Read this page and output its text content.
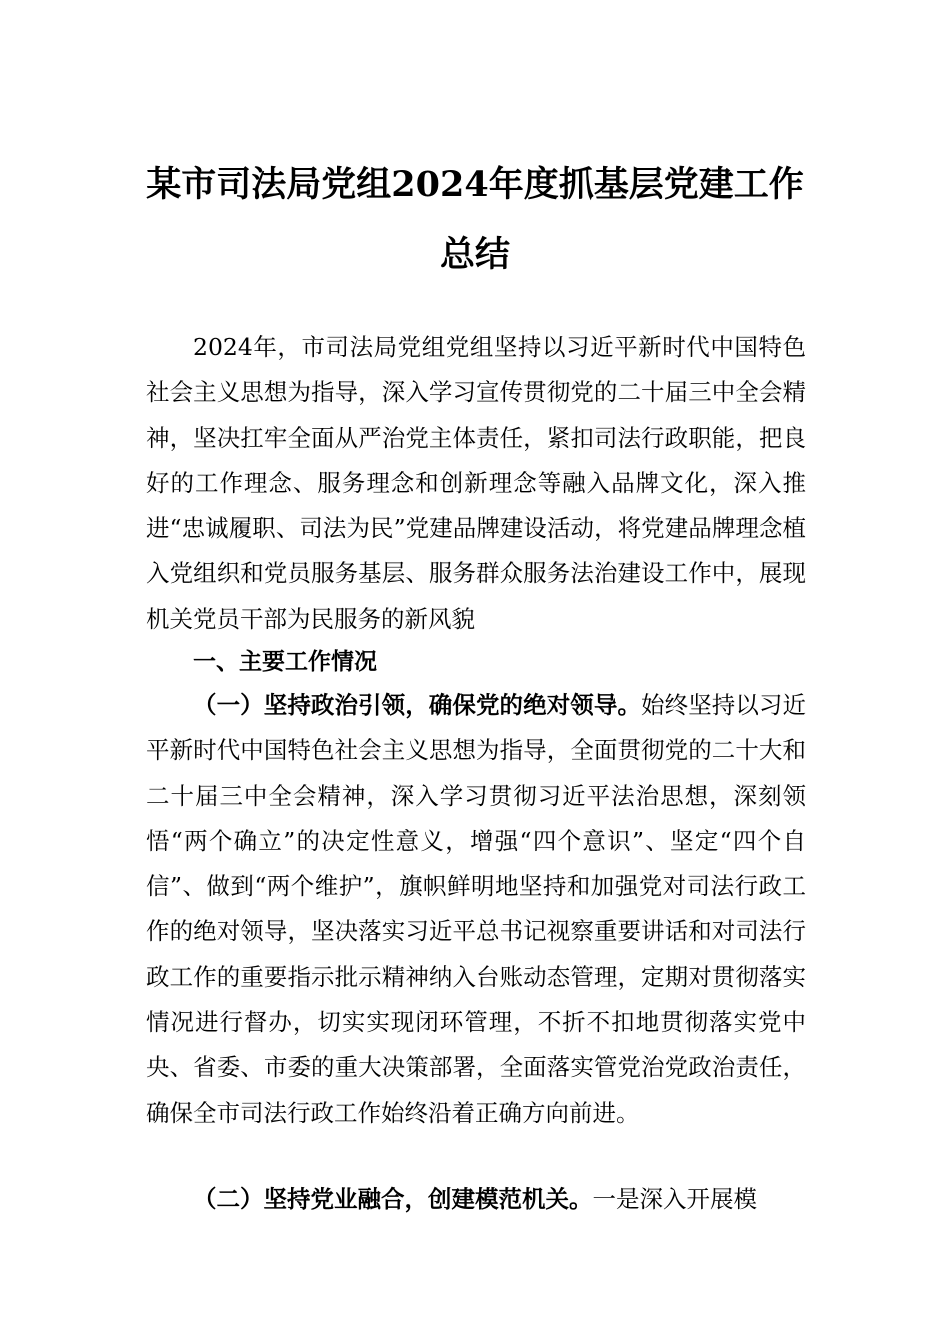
某市司法局党组2024年度抓基层党建工作
总结

2024年，市司法局党组党组坚持以习近平新时代中国特色社会主义思想为指导，深入学习宣传贯彻党的二十届三中全会精神，坚决扛牢全面从严治党主体责任，紧扣司法行政职能，把良好的工作理念、服务理念和创新理念等融入品牌文化，深入推进“忠诚履职、司法为民”党建品牌建设活动，将党建品牌理念植入党组织和党员服务基层、服务群众服务法治建设工作中，展现机关党员干部为民服务的新风貌

一、主要工作情况

（一）坚持政治引领，确保党的绝对领导。始终坚持以习近平新时代中国特色社会主义思想为指导，全面贯彻党的二十大和二十届三中全会精神，深入学习贯彻习近平法治思想，深刻领悟“两个确立”的决定性意义，增强“四个意识”、坚定“四个自信”、做到“两个维护”，旗帜鲜明地坚持和加强党对司法行政工作的绝对领导，坚决落实习近平总书记视察重要讲话和对司法行政工作的重要指示批示精神纳入台账动态管理，定期对贯彻落实情况进行督办，切实实现闭环管理，不折不扣地贯彻落实党中央、省委、市委的重大决策部署，全面落实管党治党政治责任，确保全市司法行政工作始终沿着正确方向前进。

（二）坚持党业融合，创建模范机关。一是深入开展模
